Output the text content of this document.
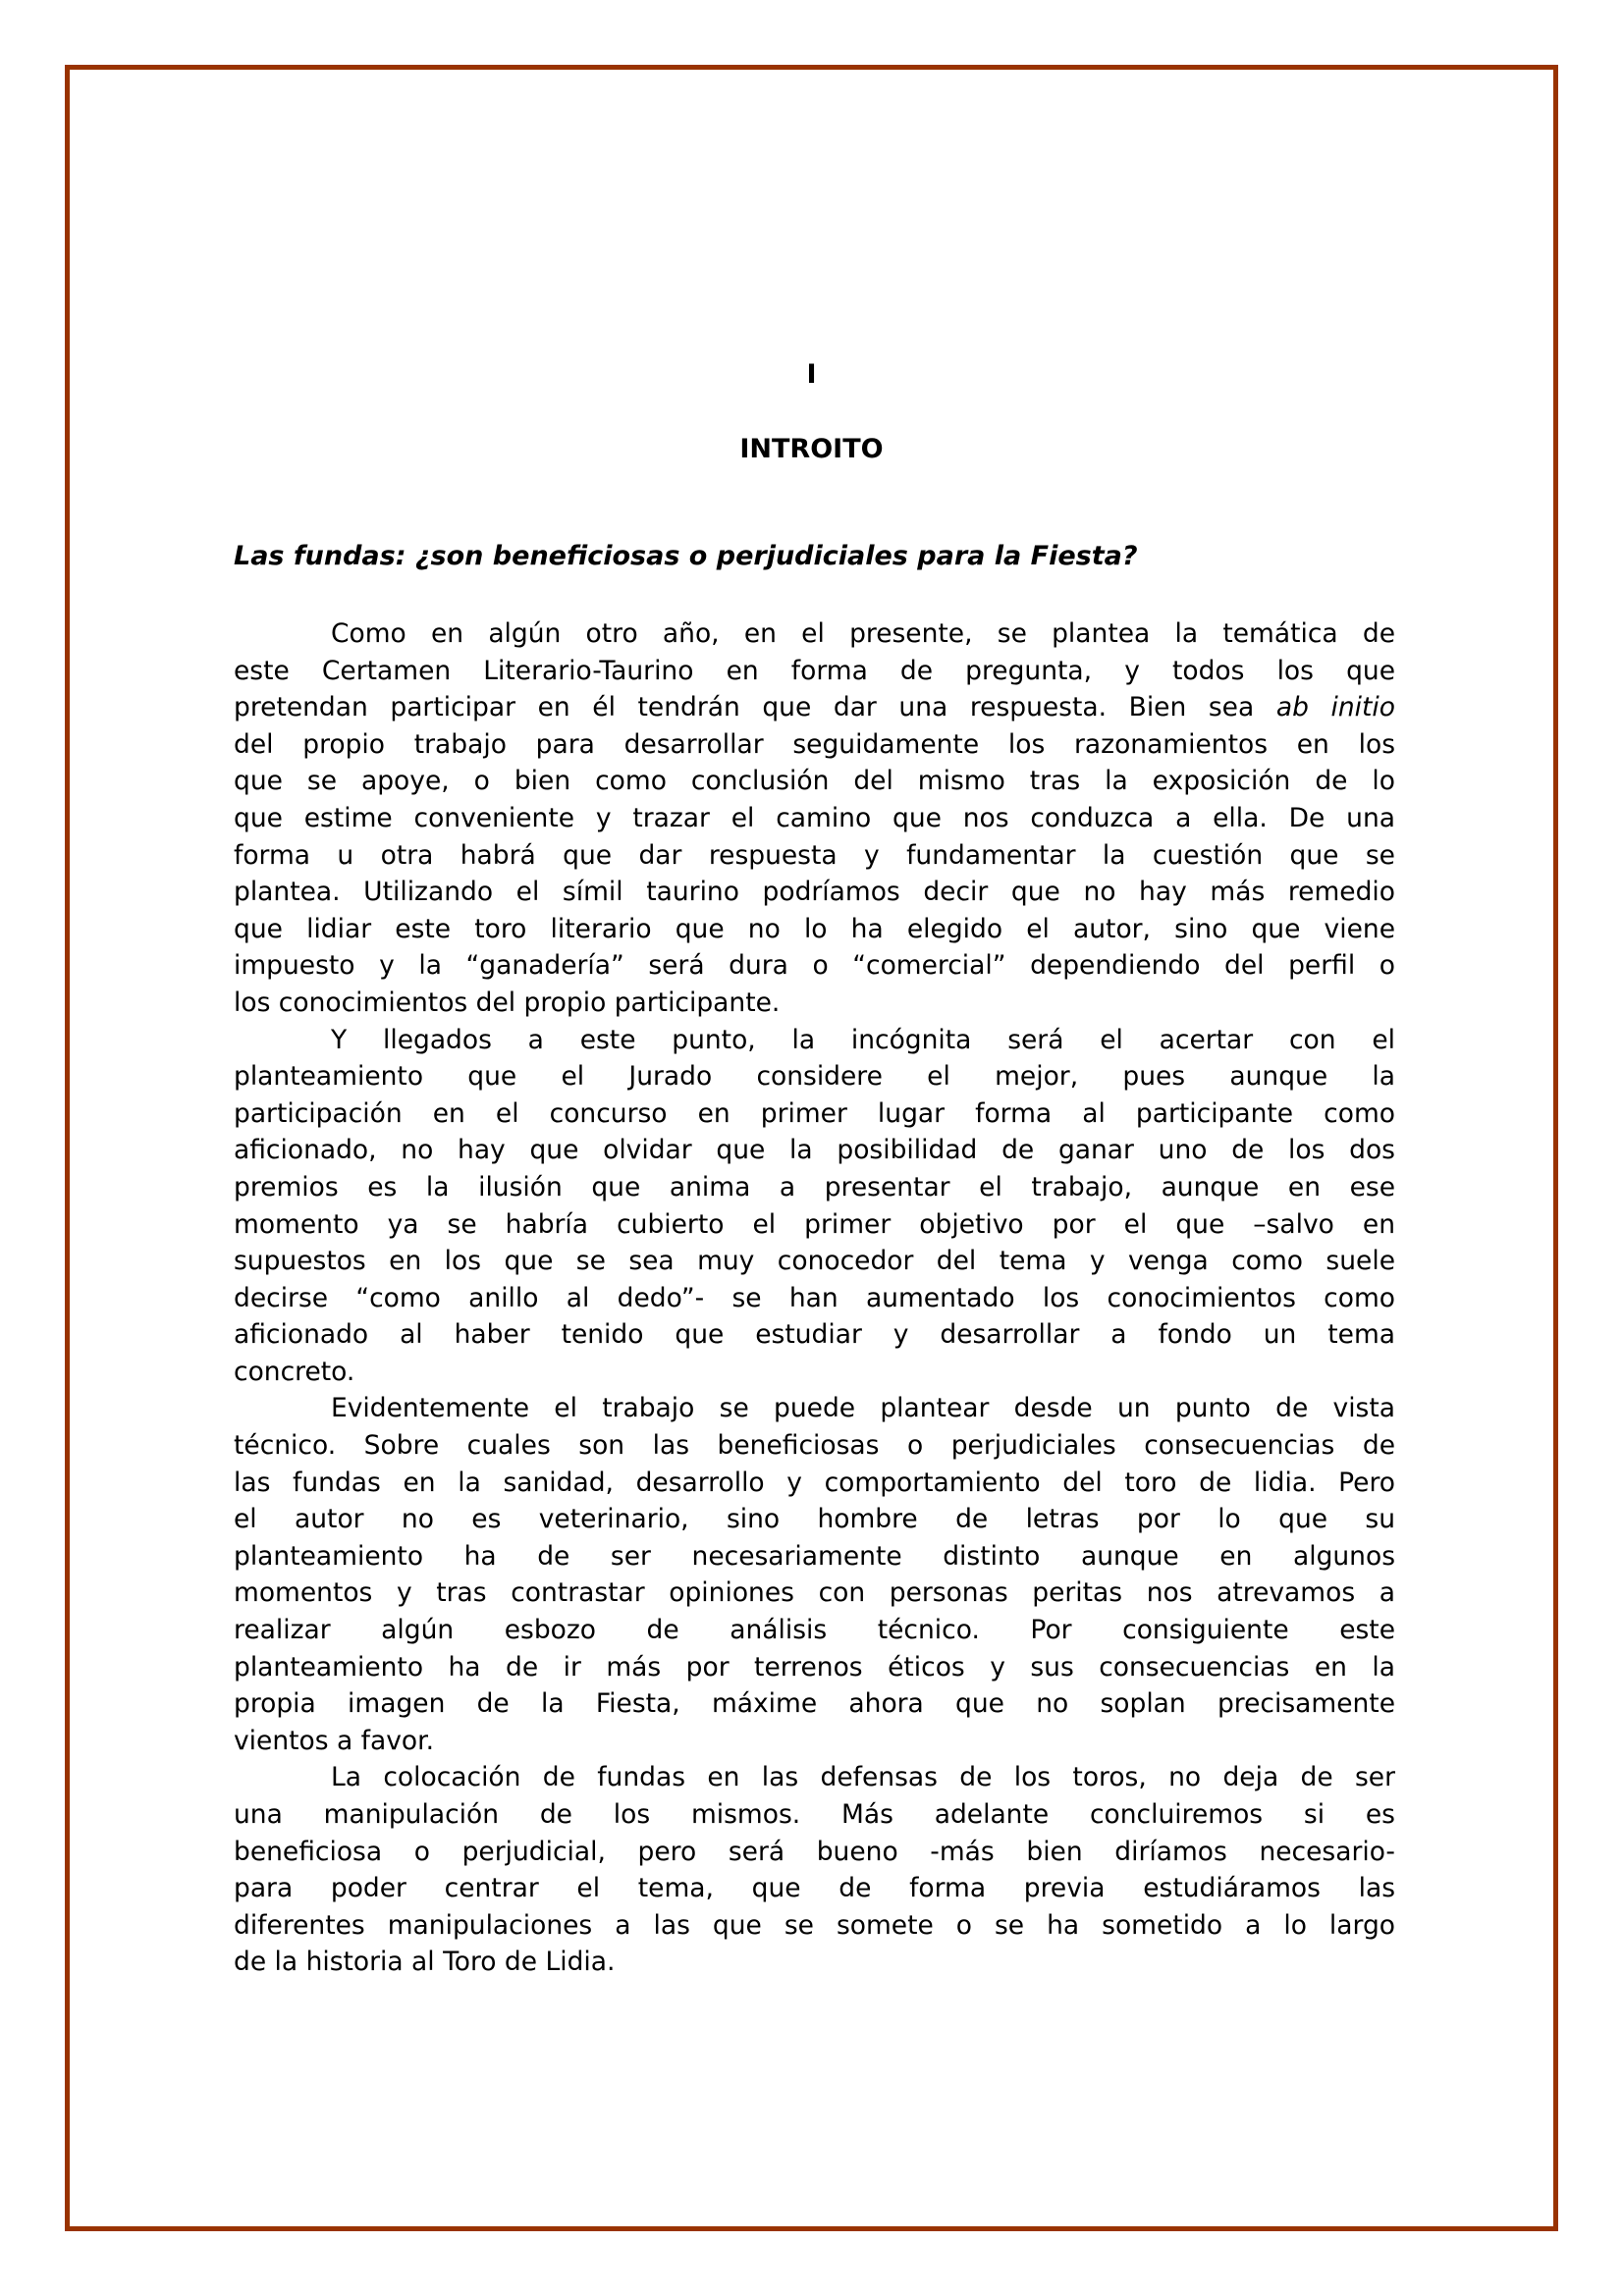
I
INTROITO
Las fundas: ¿son beneficiosas o perjudiciales para la Fiesta?
Como en algún otro año, en el presente, se plantea la temática de
este Certamen Literario-Taurino en forma de pregunta, y todos los que
pretendan participar en él tendrán que dar una respuesta. Bien sea ab initio
del propio trabajo para desarrollar seguidamente los razonamientos en los
que se apoye, o bien como conclusión del mismo tras la exposición de lo
que estime conveniente y trazar el camino que nos conduzca a ella. De una
forma u otra habrá que dar respuesta y fundamentar la cuestión que se
plantea. Utilizando el símil taurino podríamos decir que no hay más remedio
que lidiar este toro literario que no lo ha elegido el autor, sino que viene
impuesto y la “ganadería” será dura o “comercial” dependiendo del perfil o
los conocimientos del propio participante.
Y llegados a este punto, la incógnita será el acertar con el
planteamiento que el Jurado considere el mejor, pues aunque la
participación en el concurso en primer lugar forma al participante como
aficionado, no hay que olvidar que la posibilidad de ganar uno de los dos
premios es la ilusión que anima a presentar el trabajo, aunque en ese
momento ya se habría cubierto el primer objetivo por el que –salvo en
supuestos en los que se sea muy conocedor del tema y venga como suele
decirse “como anillo al dedo”- se han aumentado los conocimientos como
aficionado al haber tenido que estudiar y desarrollar a fondo un tema
concreto.
Evidentemente el trabajo se puede plantear desde un punto de vista
técnico. Sobre cuales son las beneficiosas o perjudiciales consecuencias de
las fundas en la sanidad, desarrollo y comportamiento del toro de lidia. Pero
el autor no es veterinario, sino hombre de letras por lo que su
planteamiento ha de ser necesariamente distinto aunque en algunos
momentos y tras contrastar opiniones con personas peritas nos atrevamos a
realizar algún esbozo de análisis técnico. Por consiguiente este
planteamiento ha de ir más por terrenos éticos y sus consecuencias en la
propia imagen de la Fiesta, máxime ahora que no soplan precisamente
vientos a favor.
La colocación de fundas en las defensas de los toros, no deja de ser
una manipulación de los mismos. Más adelante concluiremos si es
beneficiosa o perjudicial, pero será bueno -más bien diríamos necesario-
para poder centrar el tema, que de forma previa estudiáramos las
diferentes manipulaciones a las que se somete o se ha sometido a lo largo
de la historia al Toro de Lidia.
